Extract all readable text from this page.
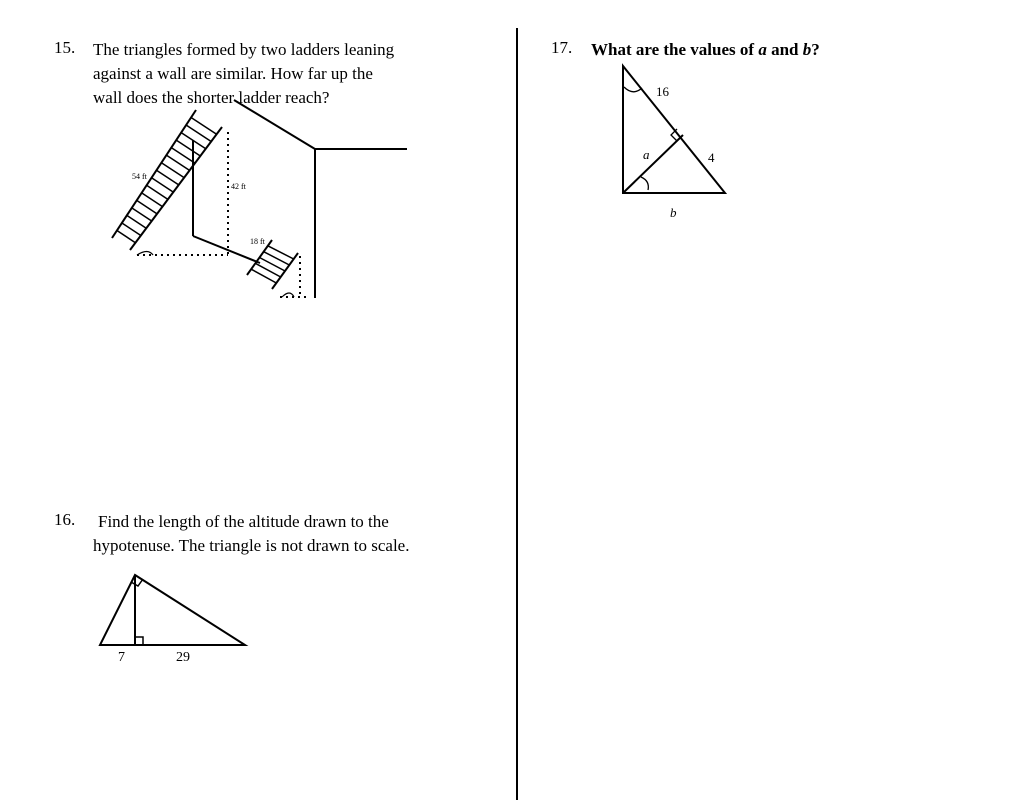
15. The triangles formed by two ladders leaning
against a wall are similar. How far up the
wall does the shorter ladder reach?
54 ft
42 ft
18 ft
16. Find the length of the altitude drawn to the
hypotenuse. The triangle is not drawn to scale.
7	29
17. What are the values of a and b?
16
a	4
b
